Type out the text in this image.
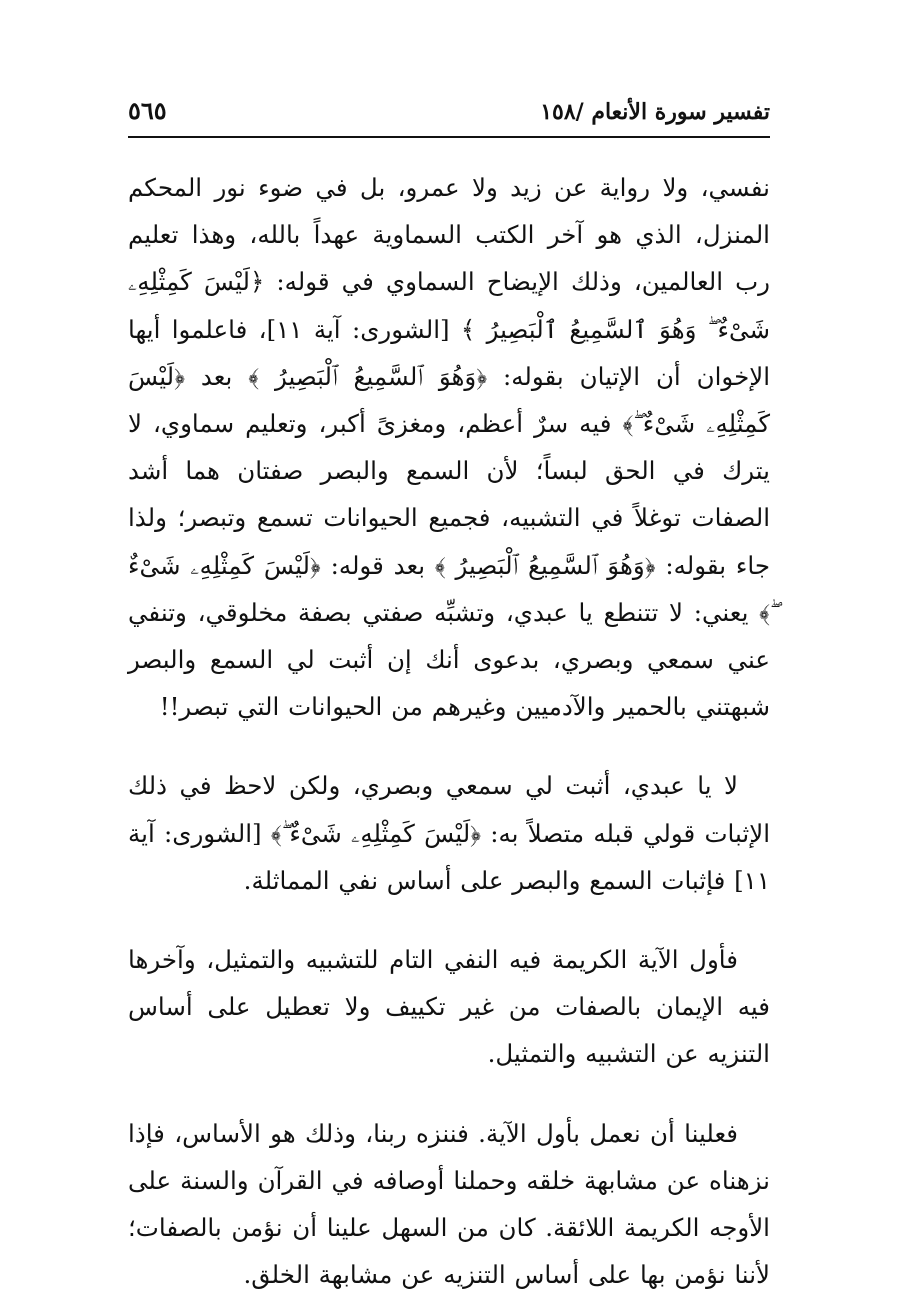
تفسير سورة الأنعام /١٥٨
٥٦٥

نفسي، ولا رواية عن زيد ولا عمرو، بل في ضوء نور المحكم المنزل، الذي هو آخر الكتب السماوية عهداً بالله، وهذا تعليم رب العالمين، وذلك الإيضاح السماوي في قوله: ﴿لَيْسَ كَمِثْلِهِۦ شَىْءٌ ۖ وَهُوَ ٱلسَّمِيعُ ٱلْبَصِيرُ ﴾ [الشورى: آية ١١]، فاعلموا أيها الإخوان أن الإتيان بقوله: ﴿وَهُوَ ٱلسَّمِيعُ ٱلْبَصِيرُ ﴾ بعد ﴿لَيْسَ كَمِثْلِهِۦ شَىْءٌ ۖ﴾ فيه سرٌ أعظم، ومغزىً أكبر، وتعليم سماوي، لا يترك في الحق لبساً؛ لأن السمع والبصر صفتان هما أشد الصفات توغلاً في التشبيه، فجميع الحيوانات تسمع وتبصر؛ ولذا جاء بقوله: ﴿وَهُوَ ٱلسَّمِيعُ ٱلْبَصِيرُ ﴾ بعد قوله: ﴿لَيْسَ كَمِثْلِهِۦ شَىْءٌ ۖ﴾ يعني: لا تتنطع يا عبدي، وتشبِّه صفتي بصفة مخلوقي، وتنفي عني سمعي وبصري، بدعوى أنك إن أثبت لي السمع والبصر شبهتني بالحمير والآدميين وغيرهم من الحيوانات التي تبصر!!

لا يا عبدي، أثبت لي سمعي وبصري، ولكن لاحظ في ذلك الإثبات قولي قبله متصلاً به: ﴿لَيْسَ كَمِثْلِهِۦ شَىْءٌ ۖ﴾ [الشورى: آية ١١] فإثبات السمع والبصر على أساس نفي المماثلة.

فأول الآية الكريمة فيه النفي التام للتشبيه والتمثيل، وآخرها فيه الإيمان بالصفات من غير تكييف ولا تعطيل على أساس التنزيه عن التشبيه والتمثيل.

فعلينا أن نعمل بأول الآية. فننزه ربنا، وذلك هو الأساس، فإذا نزهناه عن مشابهة خلقه وحملنا أوصافه في القرآن والسنة على الأوجه الكريمة اللائقة. كان من السهل علينا أن نؤمن بالصفات؛ لأننا نؤمن بها على أساس التنزيه عن مشابهة الخلق.
